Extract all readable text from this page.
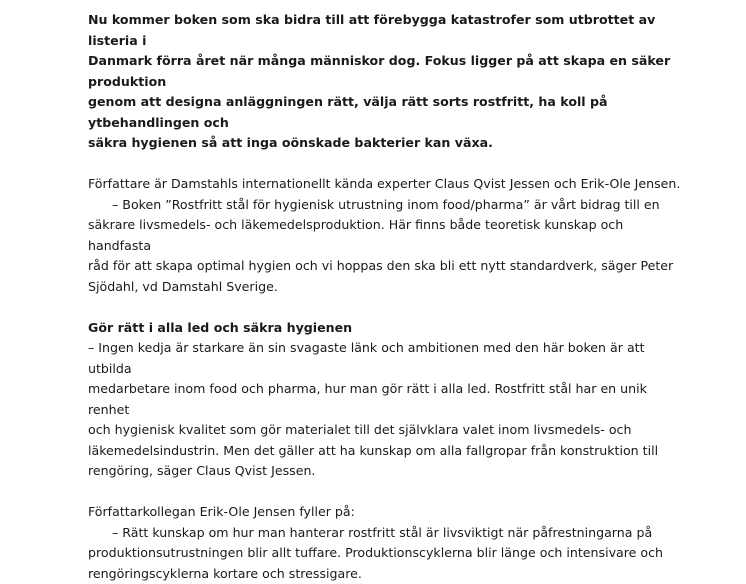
Nu kommer boken som ska bidra till att förebygga katastrofer som utbrottet av listeria i
Danmark förra året när många människor dog. Fokus ligger på att skapa en säker produktion
genom att designa anläggningen rätt, välja rätt sorts rostfritt, ha koll på ytbehandlingen och
säkra hygienen så att inga oönskade bakterier kan växa.

Författare är Damstahls internationellt kända experter Claus Qvist Jessen och Erik-Ole Jensen.

– Boken ”Rostfritt stål för hygienisk utrustning inom food/pharma” är vårt bidrag till en
säkrare livsmedels- och läkemedelsproduktion. Här finns både teoretisk kunskap och handfasta
råd för att skapa optimal hygien och vi hoppas den ska bli ett nytt standardverk, säger Peter
Sjödahl, vd Damstahl Sverige.

Gör rätt i alla led och säkra hygienen

– Ingen kedja är starkare än sin svagaste länk och ambitionen med den här boken är att utbilda
medarbetare inom food och pharma, hur man gör rätt i alla led. Rostfritt stål har en unik renhet
och hygienisk kvalitet som gör materialet till det självklara valet inom livsmedels- och
läkemedelsindustrin. Men det gäller att ha kunskap om alla fallgropar från konstruktion till
rengöring, säger Claus Qvist Jessen.

Författarkollegan Erik-Ole Jensen fyller på:

– Rätt kunskap om hur man hanterar rostfritt stål är livsviktigt när påfrestningarna på
produktionsutrustningen blir allt tuffare. Produktionscyklerna blir länge och intensivare och
rengöringscyklerna kortare och stressigare.
